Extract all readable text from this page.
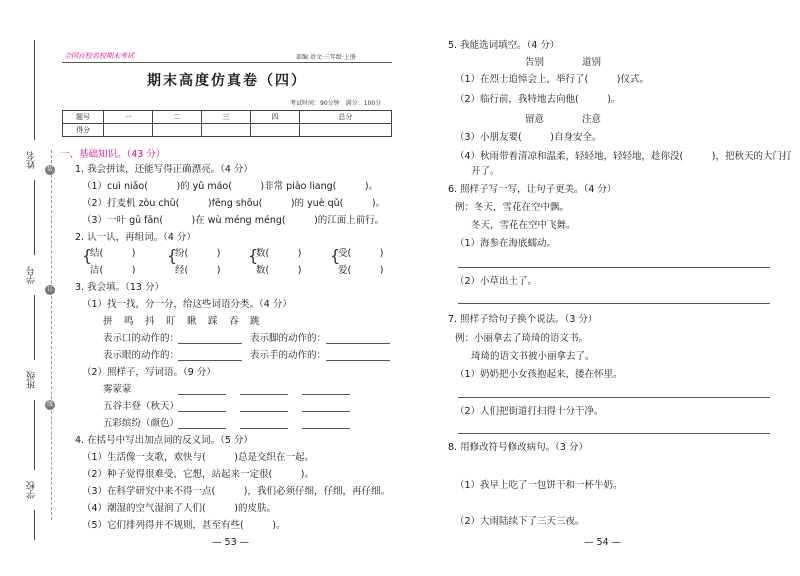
姓名
学号
班级
学校
装
订
线
全国百校名校期末考试	部编 语文·三年级·上册
期末高度仿真卷（四）
考试时间：90分钟　满分：100分
题号	一	二	三	四	总分
得分					
一、基础知识。（43 分）
1. 我会拼读，还能写得正确漂亮。（4 分）
（1）cuì niǎo(　　　)的 yǔ máo(　　　)非常 piào liang(　　　)。
（2）打麦机 zòu chū(　　　)fēng shōu(　　　)的 yuè qǔ(　　　)。
（3）一叶 gū fān(　　　)在 wù méng méng(　　　)的江面上前行。
2. 认一认，再组词。（4 分）
{	{	{	{
结(　　　)	纷(　　　)	数(　　　)	受(　　　)
洁(　　　)	经(　　　)	数(　　　)	爱(　　　)
3. 我会填。（13 分）
（1）找一找，分一分，给这些词语分类。（4 分）
拼　鸣　抖　盯　瞅　踩　吞　跳
表示口的动作的：	表示脚的动作的：
表示眼的动作的：	表示手的动作的：
（2）照样子，写词语。（9 分）
雾蒙蒙
五谷丰登（秋天）
五彩缤纷（颜色）
4. 在括号中写出加点词的反义词。（5 分）
（1）生活像一支歌，欢快与(　　　)总是交织在一起。
（2）种子觉得很难受，它想，站起来一定很(　　　)。
（3）在科学研究中来不得一点(　　　)，我们必须仔细，仔细，再仔细。
（4）潮湿的空气湿润了人们(　　　)的皮肤。
（5）它们排列得并不规则，甚至有些(　　　)。
— 53 —
5. 我能选词填空。（4 分）
告别　　　　道别
（1）在烈士追悼会上，举行了(　　　)仪式。
（2）临行前，我特地去向他(　　　)。
留意　　　　注意
（3）小朋友要(　　　)自身安全。
（4）秋雨带着清凉和温柔，轻轻地，轻轻地，趁你没(　　　)，把秋天的大门打
开了。
6. 照样子写一写，让句子更美。（4 分）
例：冬天，雪花在空中飘。
冬天，雪花在空中飞舞。
（1）海参在海底蠕动。
（2）小草出土了。
7. 照样子给句子换个说法。（3 分）
例：小丽拿去了琦琦的语文书。
琦琦的语文书被小丽拿去了。
（1）奶奶把小女孩抱起来，搂在怀里。
（2）人们把街道打扫得十分干净。
8. 用修改符号修改病句。（3 分）
（1）我早上吃了一包饼干和一杯牛奶。
（2）大雨陆续下了三天三夜。
— 54 —
